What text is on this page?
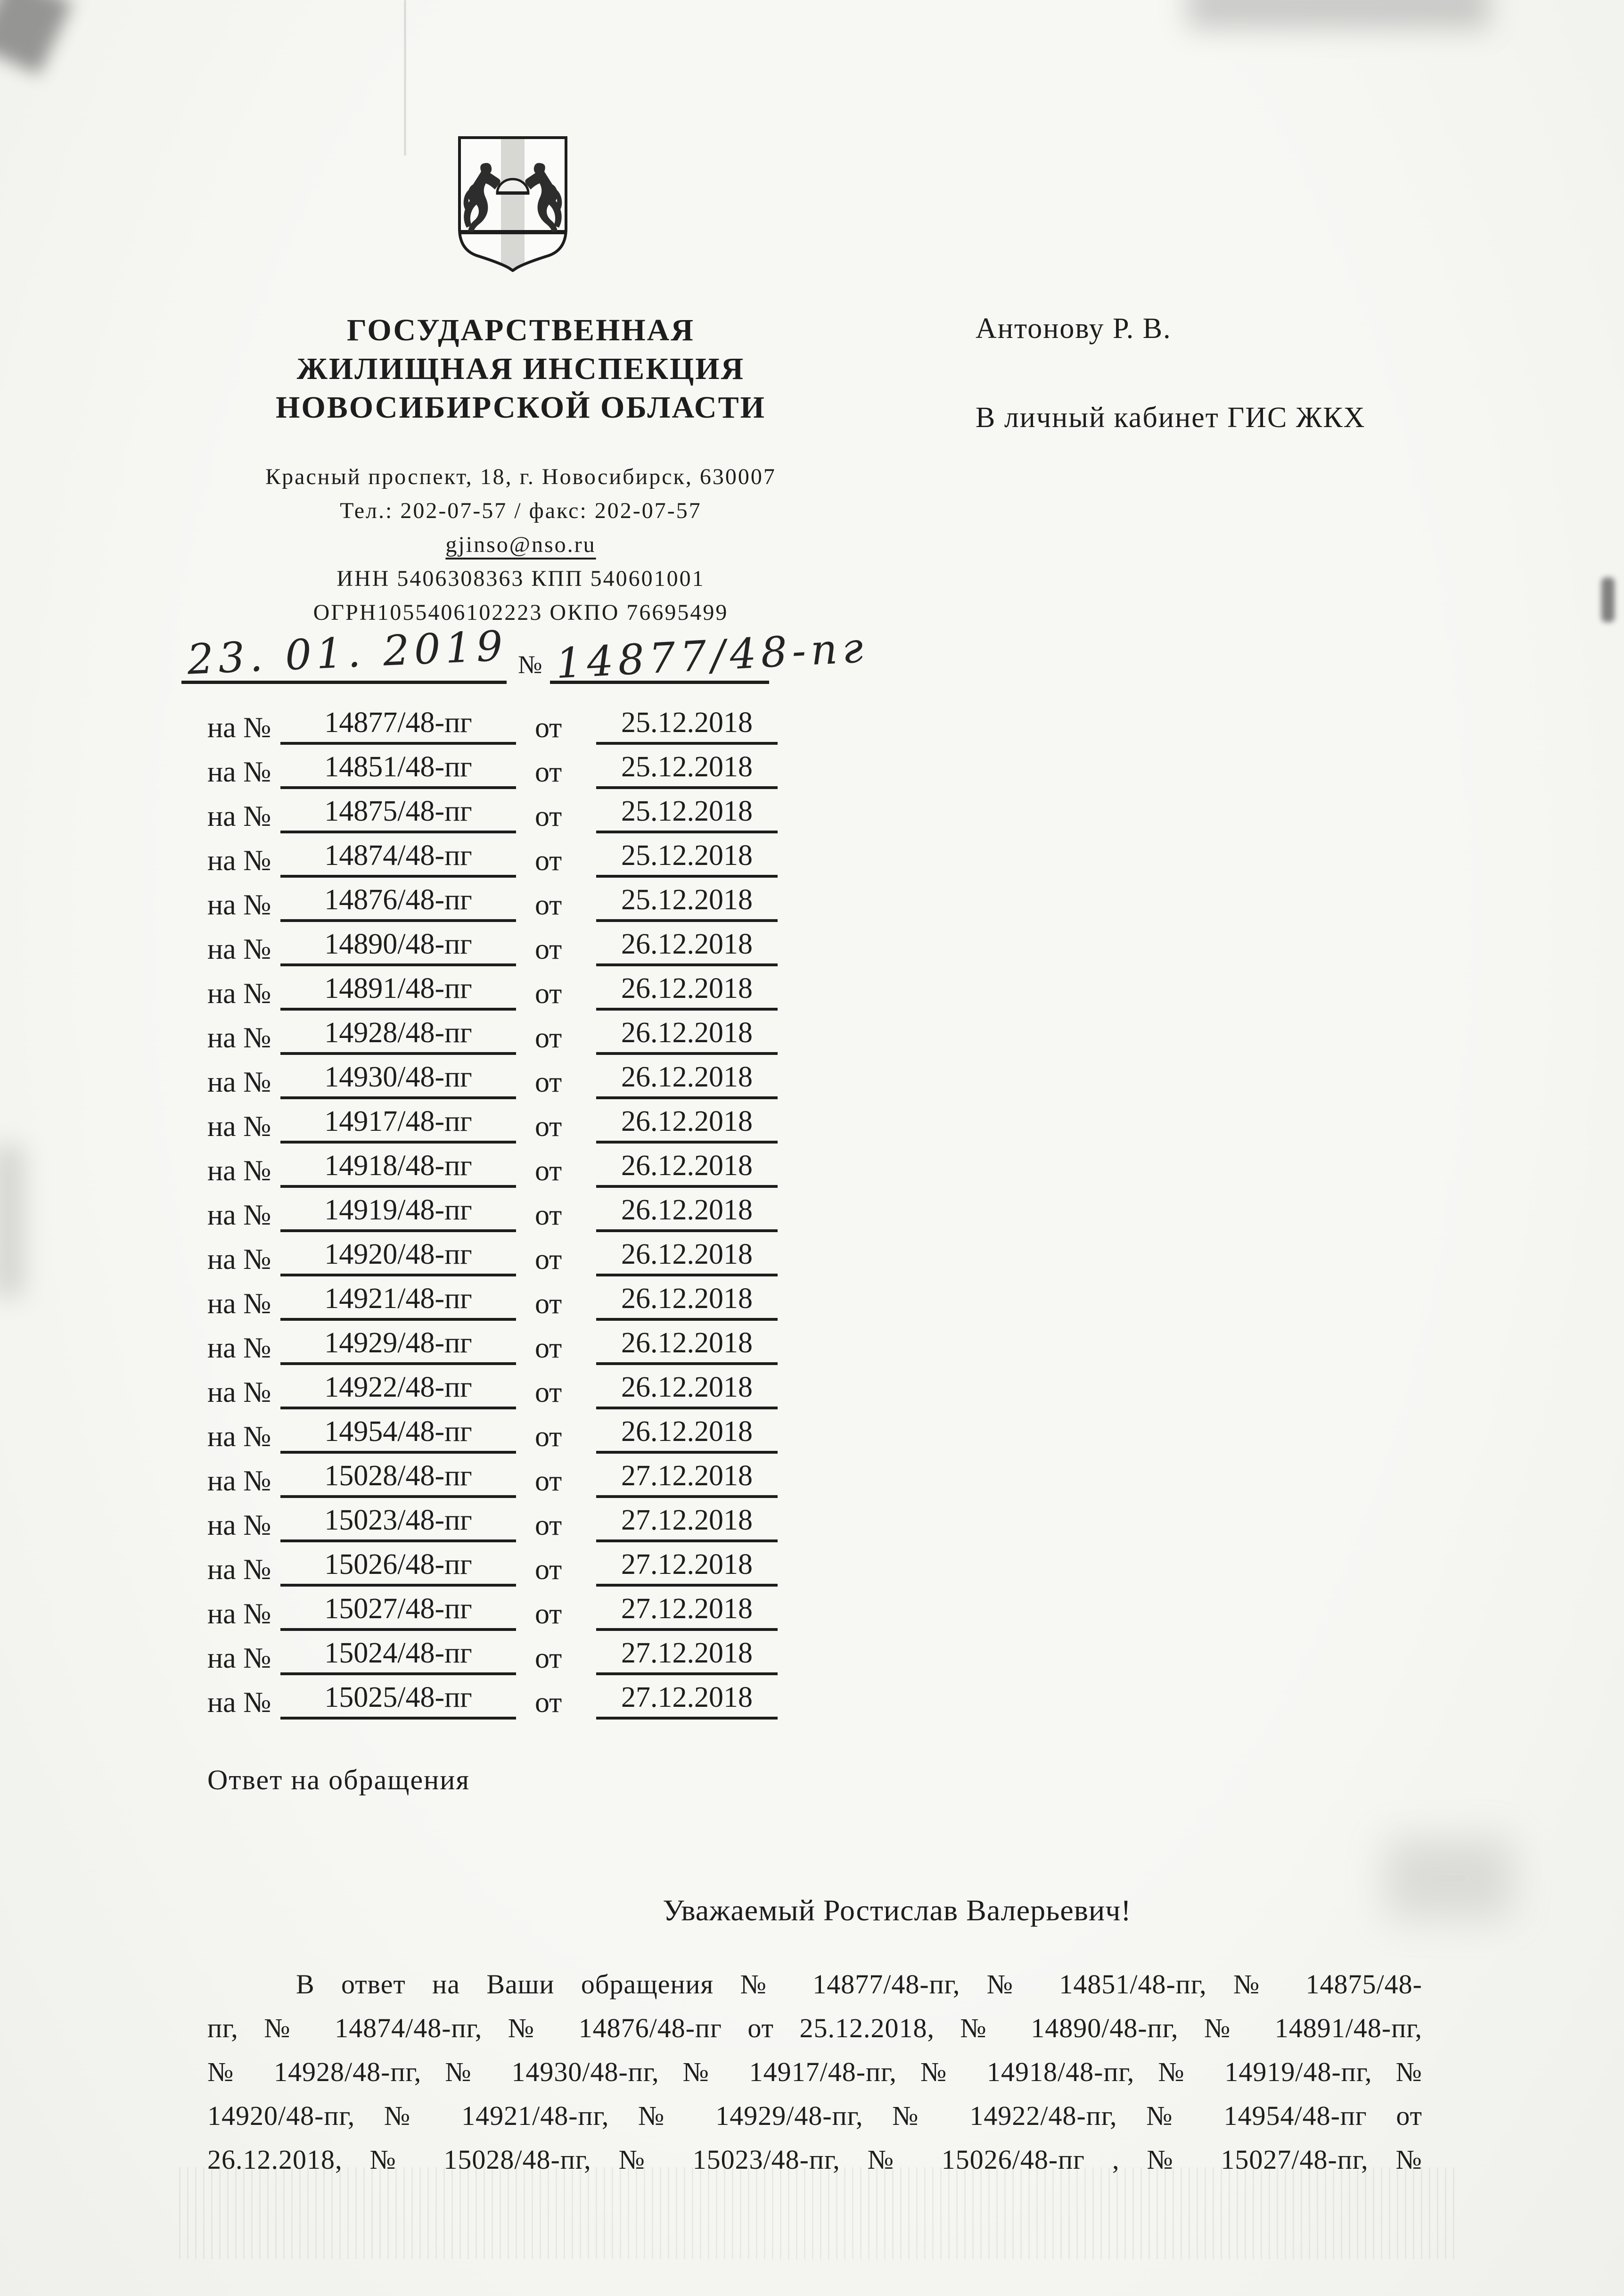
ГОСУДАРСТВЕННАЯ
ЖИЛИЩНАЯ ИНСПЕКЦИЯ
НОВОСИБИРСКОЙ ОБЛАСТИ
Красный проспект, 18, г. Новосибирск, 630007
Тел.: 202-07-57 / факс: 202-07-57
gjinso@nso.ru
ИНН 5406308363 КПП 540601001
ОГРН1055406102223 ОКПО 76695499
Антонову Р. В.
В личный кабинет ГИС ЖКХ
23. 01. 2019 № 14877/48-пг
на №	14877/48-пг	от	25.12.2018
на №	14851/48-пг	от	25.12.2018
на №	14875/48-пг	от	25.12.2018
на №	14874/48-пг	от	25.12.2018
на №	14876/48-пг	от	25.12.2018
на №	14890/48-пг	от	26.12.2018
на №	14891/48-пг	от	26.12.2018
на №	14928/48-пг	от	26.12.2018
на №	14930/48-пг	от	26.12.2018
на №	14917/48-пг	от	26.12.2018
на №	14918/48-пг	от	26.12.2018
на №	14919/48-пг	от	26.12.2018
на №	14920/48-пг	от	26.12.2018
на №	14921/48-пг	от	26.12.2018
на №	14929/48-пг	от	26.12.2018
на №	14922/48-пг	от	26.12.2018
на №	14954/48-пг	от	26.12.2018
на №	15028/48-пг	от	27.12.2018
на №	15023/48-пг	от	27.12.2018
на №	15026/48-пг	от	27.12.2018
на №	15027/48-пг	от	27.12.2018
на №	15024/48-пг	от	27.12.2018
на №	15025/48-пг	от	27.12.2018
Ответ на обращения
Уважаемый Ростислав Валерьевич!
В ответ на Ваши обращения № 14877/48-пг, № 14851/48-пг, № 14875/48-
пг, № 14874/48-пг, № 14876/48-пг от 25.12.2018, № 14890/48-пг, № 14891/48-пг,
№ 14928/48-пг, № 14930/48-пг, № 14917/48-пг, № 14918/48-пг, № 14919/48-пг, №
14920/48-пг, № 14921/48-пг, № 14929/48-пг, № 14922/48-пг, № 14954/48-пг от
26.12.2018, № 15028/48-пг, № 15023/48-пг, № 15026/48-пг , № 15027/48-пг, №
